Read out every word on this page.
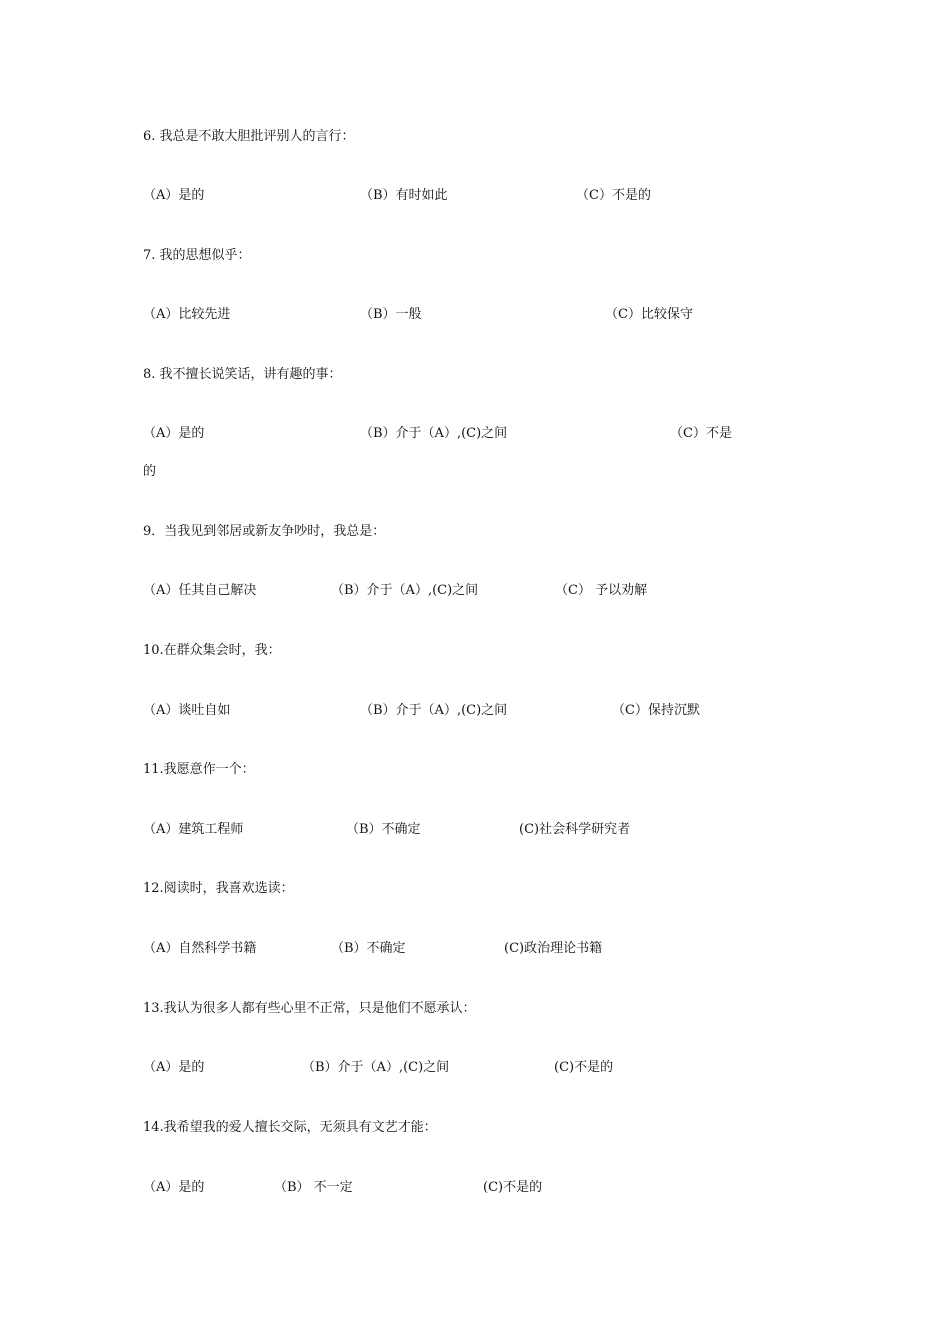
6. 我总是不敢大胆批评别人的言行：
（A）是的	（B）有时如此	（C）不是的
7. 我的思想似乎：
（A）比较先进	（B）一般	（C）比较保守
8. 我不擅长说笑话，讲有趣的事：
（A）是的	（B）介于（A）,(C)之间	（C）不是
的
9．当我见到邻居或新友争吵时，我总是：
（A）任其自己解决	（B）介于（A）,(C)之间	（C） 予以劝解
10.在群众集会时，我：
（A）谈吐自如	（B）介于（A）,(C)之间	（C）保持沉默
11.我愿意作一个：
（A）建筑工程师	（B）不确定	(C)社会科学研究者
12.阅读时，我喜欢选读：
（A）自然科学书籍	（B）不确定	(C)政治理论书籍
13.我认为很多人都有些心里不正常，只是他们不愿承认：
（A）是的	（B）介于（A）,(C)之间	(C)不是的
14.我希望我的爱人擅长交际，无须具有文艺才能：
（A）是的	（B） 不一定	(C)不是的
